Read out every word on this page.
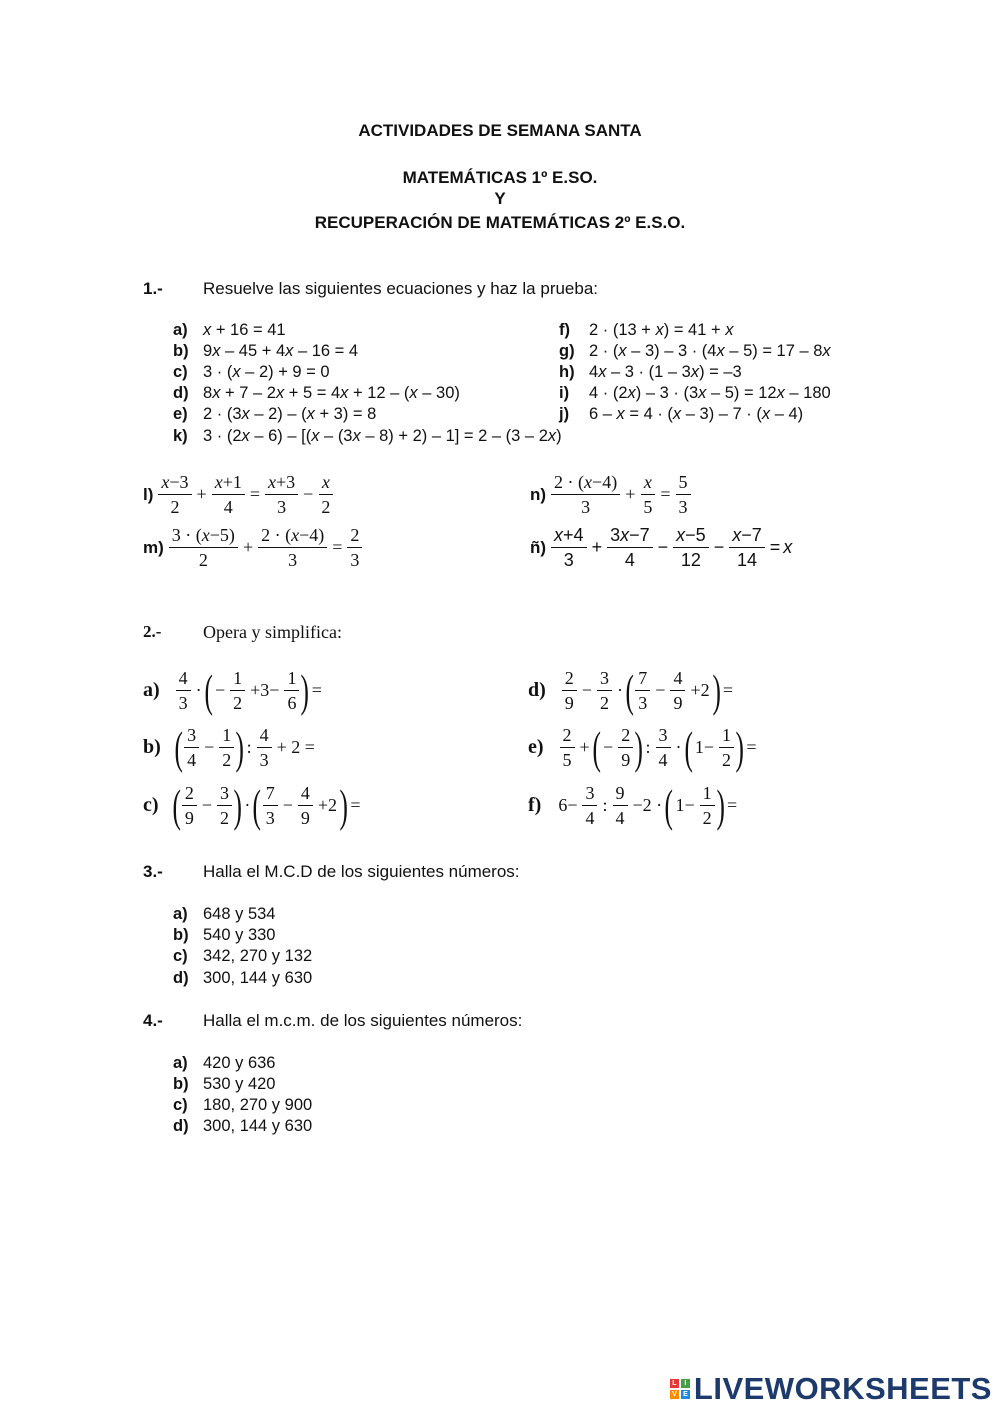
ACTIVIDADES DE SEMANA SANTA
MATEMÁTICAS 1º E.SO.
Y
RECUPERACIÓN DE MATEMÁTICAS 2º E.S.O.
1.- Resuelve las siguientes ecuaciones y haz la prueba:
a) x + 16 = 41
b) 9x – 45 + 4x – 16 = 4
c) 3 · (x – 2) + 9 = 0
d) 8x + 7 – 2x + 5 = 4x + 12 – (x – 30)
e) 2 · (3x – 2) – (x + 3) = 8
k) 3 · (2x – 6) – [(x – (3x – 8) + 2) – 1] = 2 – (3 – 2x)
f) 2 · (13 + x) = 41 + x
g) 2 · (x – 3) – 3 · (4x – 5) = 17 – 8x
h) 4x – 3 · (1 – 3x) = –3
i) 4 · (2x) – 3 · (3x – 5) = 12x – 180
j) 6 – x = 4 · (x – 3) – 7 · (x – 4)
$l) \frac{x-3}{2} + \frac{x+1}{4} = \frac{x+3}{3} - \frac{x}{2}$
$m) \frac{3 \cdot (x-5)}{2} + \frac{2 \cdot (x-4)}{3} = \frac{2}{3}$
$n) \frac{2 \cdot (x-4)}{3} + \frac{x}{5} = \frac{5}{3}$
ñ) $\frac{x+4}{3} + \frac{3x-7}{4} - \frac{x-5}{12} - \frac{x-7}{14} = x$
2.- Opera y simplifica:
$a) \frac{4}{3}$ · ( − $\frac{1}{2} +3- \frac{1}{6}$ ) =
b) ( $\frac{3}{4} - \frac{1}{2}$ ) : $\frac{4}{3} + 2$ =
c) ( $\frac{2}{9} - \frac{3}{2}$ ) · ( $\frac{7}{3} - \frac{4}{9} +2$ ) =
$d) \frac{2}{9} - \frac{3}{2}$ · ( $\frac{7}{3} - \frac{4}{9} +2$ ) =
$e) \frac{2}{5}$ + ( − $\frac{2}{9}$ ) : $\frac{3}{4}$ · ( $1- \frac{1}{2}$ ) =
f) $6- \frac{3}{4}$ : $\frac{9}{4} -2$ · ( $1- \frac{1}{2}$ ) =
3.- Halla el M.C.D de los siguientes números:
a) 648 y 534
b) 540 y 330
c) 342, 270 y 132
d) 300, 144 y 630
4.- Halla el m.c.m. de los siguientes números:
a) 420 y 636
b) 530 y 420
c) 180, 270 y 900
d) 300, 144 y 630
L	I
V E LIVEWORKSHEETS
